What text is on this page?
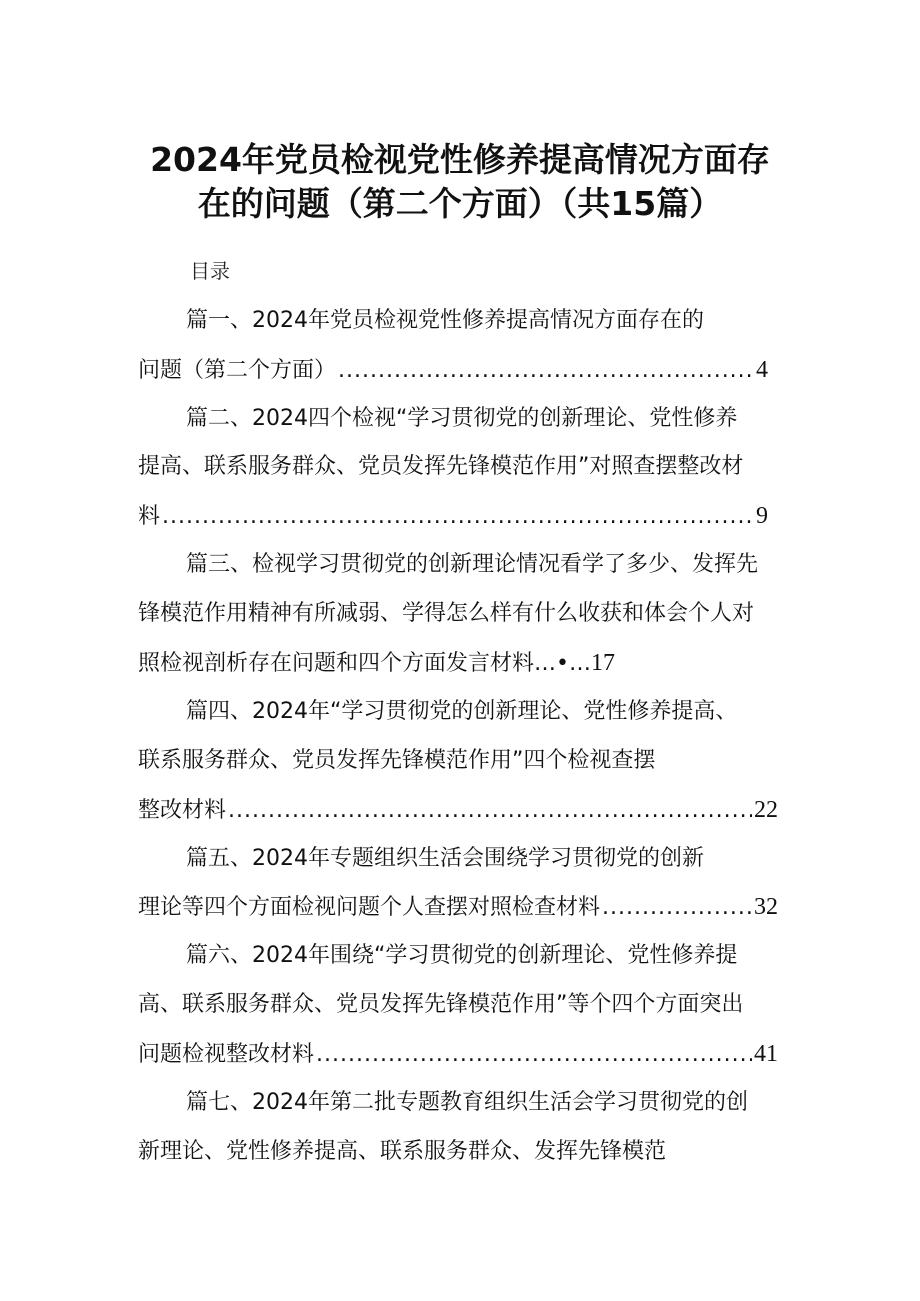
2024年党员检视党性修养提高情况方面存
在的问题（第二个方面）（共15篇）
目录
篇一、2024年党员检视党性修养提高情况方面存在的
问题（第二个方面） .....	4
篇二、2024四个检视“学习贯彻党的创新理论、党性修养
提高、联系服务群众、党员发挥先锋模范作用”对照查摆整改材
料 .....	9
篇三、检视学习贯彻党的创新理论情况看学了多少、发挥先
锋模范作用精神有所减弱、学得怎么样有什么收获和体会个人对
照检视剖析存在问题和四个方面发言材料…•…17
篇四、2024年“学习贯彻党的创新理论、党性修养提高、
联系服务群众、党员发挥先锋模范作用”四个检视查摆
整改材料 .....	22
篇五、2024年专题组织生活会围绕学习贯彻党的创新
理论等四个方面检视问题个人查摆对照检查材料 .....	32
篇六、2024年围绕“学习贯彻党的创新理论、党性修养提
高、联系服务群众、党员发挥先锋模范作用”等个四个方面突出
问题检视整改材料 .....	41
篇七、2024年第二批专题教育组织生活会学习贯彻党的创
新理论、党性修养提高、联系服务群众、发挥先锋模范
